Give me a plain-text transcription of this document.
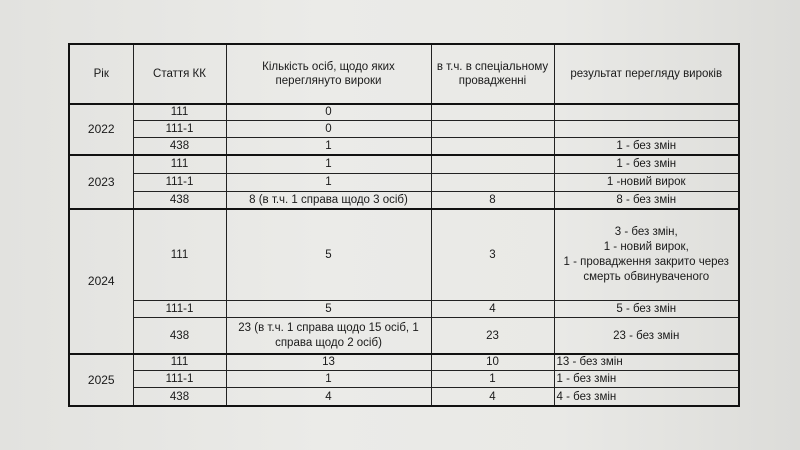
Рік	Стаття КК	Кількість осіб, щодо яких переглянуто вироки	в т.ч. в спеціальному провадженні	результат перегляду вироків
2022	111	0		
	111-1	0		
	438	1		1 - без змін
2023	111	1		1 - без змін
	111-1	1		1 -новий вирок
	438	8 (в т.ч. 1 справа щодо 3 осіб)	8	8 - без змін
2024	111	5	3	3 - без змін,
1 - новий вирок,
1 - провадження закрито через
смерть обвинуваченого

	111-1	5	4	5 - без змін
	438	23 (в т.ч. 1 справа щодо 15 осіб, 1
справа щодо 2 осіб)	23	23 - без змін
2025	111	13	10	13 - без змін
	111-1	1	1	1 - без змін
	438	4	4	4 - без змін
